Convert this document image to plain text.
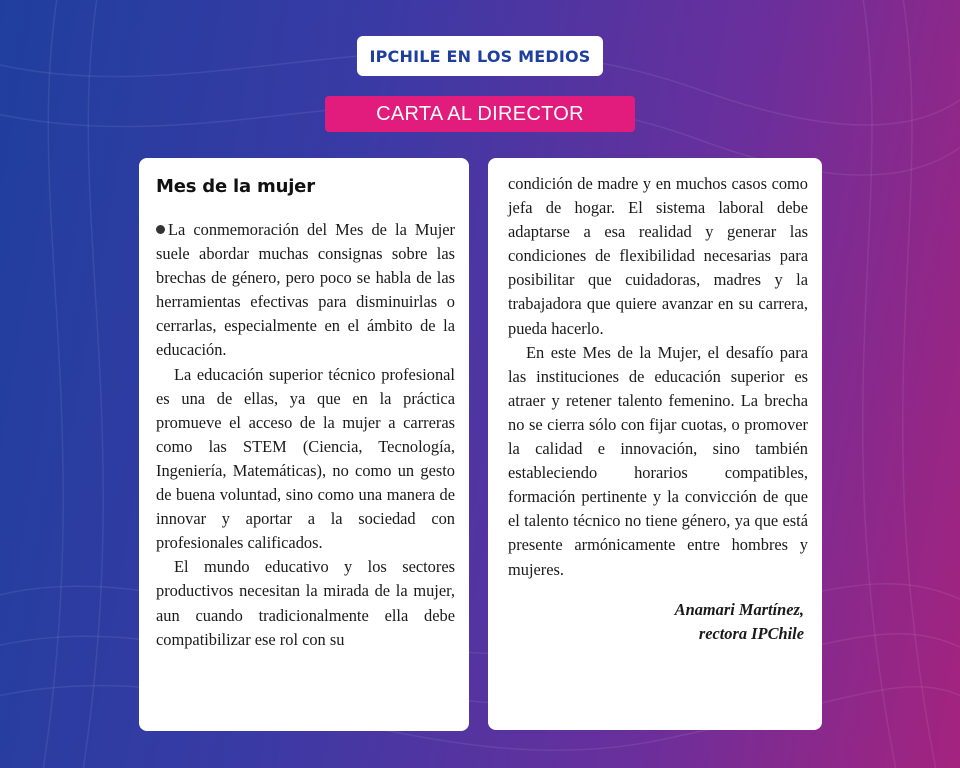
IPCHILE EN LOS MEDIOS
CARTA AL DIRECTOR
Mes de la mujer

La conmemoración del Mes de la Mujer suele abordar muchas consignas sobre las brechas de género, pero poco se habla de las herramientas efectivas para disminuirlas o cerrarlas, especialmente en el ámbito de la educación.

La educación superior técnico profesional es una de ellas, ya que en la práctica promueve el acceso de la mujer a carreras como las STEM (Ciencia, Tecnología, Ingeniería, Matemáticas), no como un gesto de buena voluntad, sino como una manera de innovar y aportar a la sociedad con profesionales calificados.

El mundo educativo y los sectores productivos necesitan la mirada de la mujer, aun cuando tradicionalmente ella debe compatibilizar ese rol con su

condición de madre y en muchos casos como jefa de hogar. El sistema laboral debe adaptarse a esa realidad y generar las condiciones de flexibilidad necesarias para posibilitar que cuidadoras, madres y la trabajadora que quiere avanzar en su carrera, pueda hacerlo.

En este Mes de la Mujer, el desafío para las instituciones de educación superior es atraer y retener talento femenino. La brecha no se cierra sólo con fijar cuotas, o promover la calidad e innovación, sino también estableciendo horarios compatibles, formación pertinente y la convicción de que el talento técnico no tiene género, ya que está presente armónicamente entre hombres y mujeres.

Anamari Martínez,
rectora IPChile
